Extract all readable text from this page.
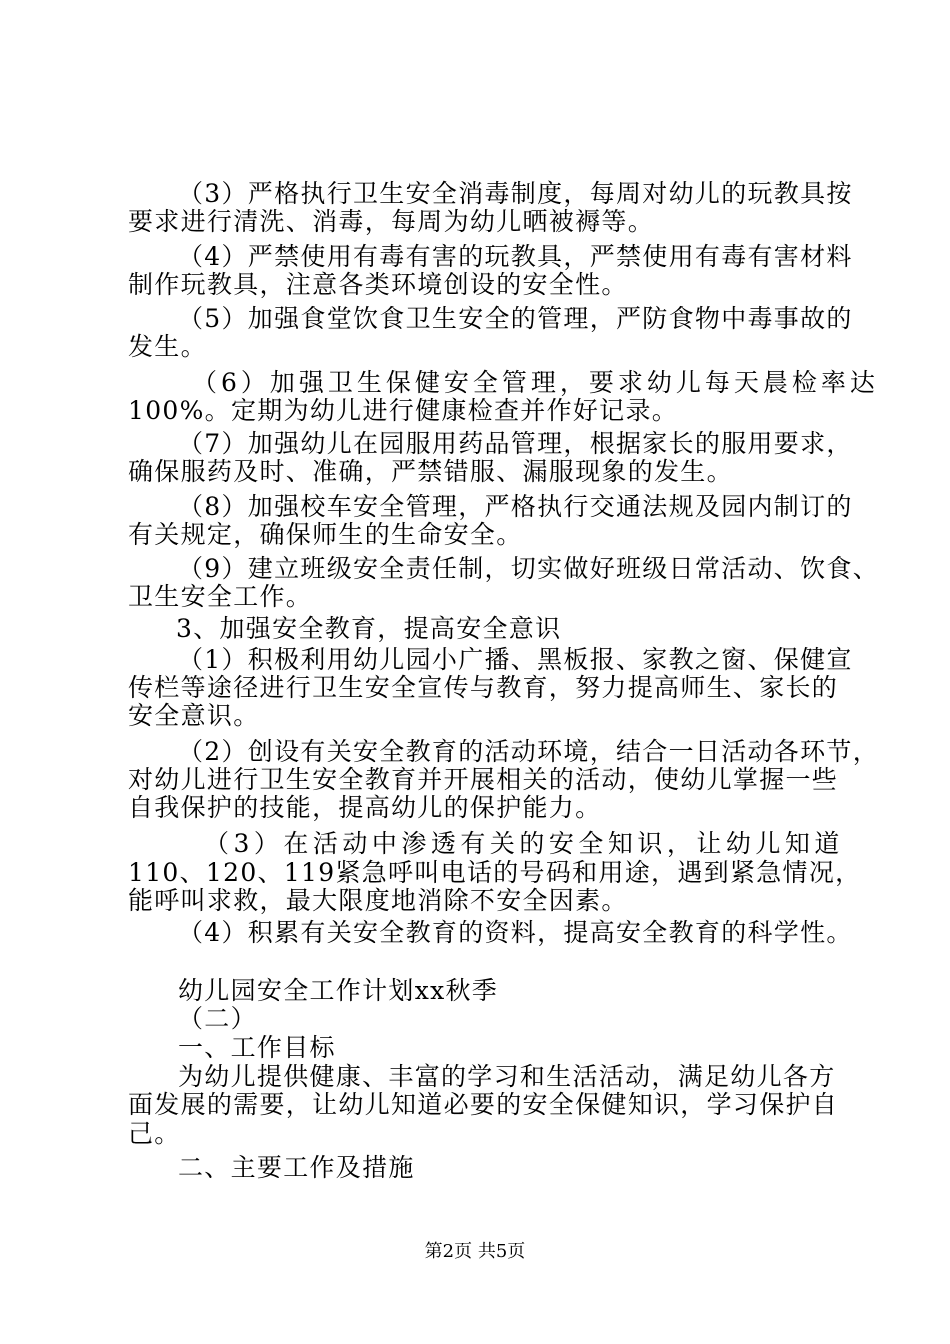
（3）严格执行卫生安全消毒制度，每周对幼儿的玩教具按
要求进行清洗、消毒，每周为幼儿晒被褥等。
（4）严禁使用有毒有害的玩教具，严禁使用有毒有害材料
制作玩教具，注意各类环境创设的安全性。
（5）加强食堂饮食卫生安全的管理，严防食物中毒事故的
发生。
（6）加强卫生保健安全管理，要求幼儿每天晨检率达
100%。定期为幼儿进行健康检查并作好记录。
（7）加强幼儿在园服用药品管理，根据家长的服用要求，
确保服药及时、准确，严禁错服、漏服现象的发生。
（8）加强校车安全管理，严格执行交通法规及园内制订的
有关规定，确保师生的生命安全。
（9）建立班级安全责任制，切实做好班级日常活动、饮食、
卫生安全工作。
3、加强安全教育，提高安全意识
（1）积极利用幼儿园小广播、黑板报、家教之窗、保健宣
传栏等途径进行卫生安全宣传与教育，努力提高师生、家长的
安全意识。
（2）创设有关安全教育的活动环境，结合一日活动各环节，
对幼儿进行卫生安全教育并开展相关的活动，使幼儿掌握一些
自我保护的技能，提高幼儿的保护能力。
（3）在活动中渗透有关的安全知识，让幼儿知道
110、120、119紧急呼叫电话的号码和用途，遇到紧急情况，
能呼叫求救，最大限度地消除不安全因素。
（4）积累有关安全教育的资料，提高安全教育的科学性。
幼儿园安全工作计划xx秋季
（二）
一、工作目标
为幼儿提供健康、丰富的学习和生活活动，满足幼儿各方
面发展的需要，让幼儿知道必要的安全保健知识，学习保护自
己。
二、主要工作及措施
第2页 共5页
